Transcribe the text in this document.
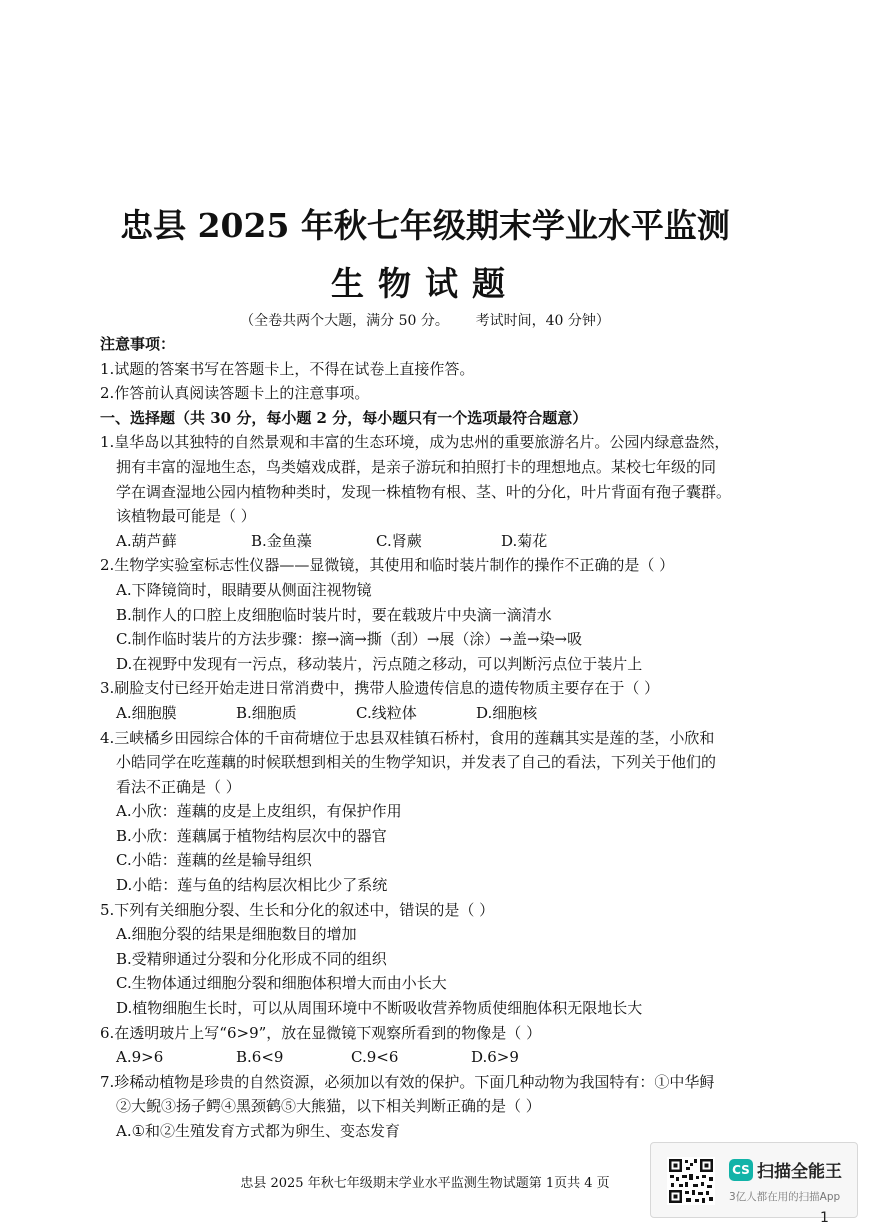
忠县 2025 年秋七年级期末学业水平监测
生物试题
（全卷共两个大题，满分 50 分。      考试时间，40 分钟）
注意事项：
1.试题的答案书写在答题卡上，不得在试卷上直接作答。
2.作答前认真阅读答题卡上的注意事项。
一、选择题（共 30 分，每小题 2 分，每小题只有一个选项最符合题意）
1.皇华岛以其独特的自然景观和丰富的生态环境，成为忠州的重要旅游名片。公园内绿意盎然，
拥有丰富的湿地生态，鸟类嬉戏成群，是亲子游玩和拍照打卡的理想地点。某校七年级的同
学在调查湿地公园内植物种类时，发现一株植物有根、茎、叶的分化，叶片背面有孢子囊群。
该植物最可能是（ ）
A.葫芦藓	B.金鱼藻	C.肾蕨	D.菊花
2.生物学实验室标志性仪器——显微镜，其使用和临时装片制作的操作不正确的是（ ）
A.下降镜筒时，眼睛要从侧面注视物镜
B.制作人的口腔上皮细胞临时装片时，要在载玻片中央滴一滴清水
C.制作临时装片的方法步骤：擦→滴→撕（刮）→展（涂）→盖→染→吸
D.在视野中发现有一污点，移动装片，污点随之移动，可以判断污点位于装片上
3.刷脸支付已经开始走进日常消费中，携带人脸遗传信息的遗传物质主要存在于（ ）
A.细胞膜	B.细胞质	C.线粒体	D.细胞核
4.三峡橘乡田园综合体的千亩荷塘位于忠县双桂镇石桥村，食用的莲藕其实是莲的茎，小欣和
小皓同学在吃莲藕的时候联想到相关的生物学知识，并发表了自己的看法，下列关于他们的
看法不正确是（ ）
A.小欣：莲藕的皮是上皮组织，有保护作用
B.小欣：莲藕属于植物结构层次中的器官
C.小皓：莲藕的丝是输导组织
D.小皓：莲与鱼的结构层次相比少了系统
5.下列有关细胞分裂、生长和分化的叙述中，错误的是（ ）
A.细胞分裂的结果是细胞数目的增加
B.受精卵通过分裂和分化形成不同的组织
C.生物体通过细胞分裂和细胞体积增大而由小长大
D.植物细胞生长时，可以从周围环境中不断吸收营养物质使细胞体积无限地长大
6.在透明玻片上写“6>9”，放在显微镜下观察所看到的物像是（ ）
A.9>6	B.6<9	C.9<6	D.6>9
7.珍稀动植物是珍贵的自然资源，必须加以有效的保护。下面几种动物为我国特有：①中华鲟
②大鲵③扬子鳄④黑颈鹤⑤大熊猫，以下相关判断正确的是（ ）
A.①和②生殖发育方式都为卵生、变态发育
忠县 2025 年秋七年级期末学业水平监测生物试题第 1页共 4 页
CS 扫描全能王
3亿人都在用的扫描App
1
